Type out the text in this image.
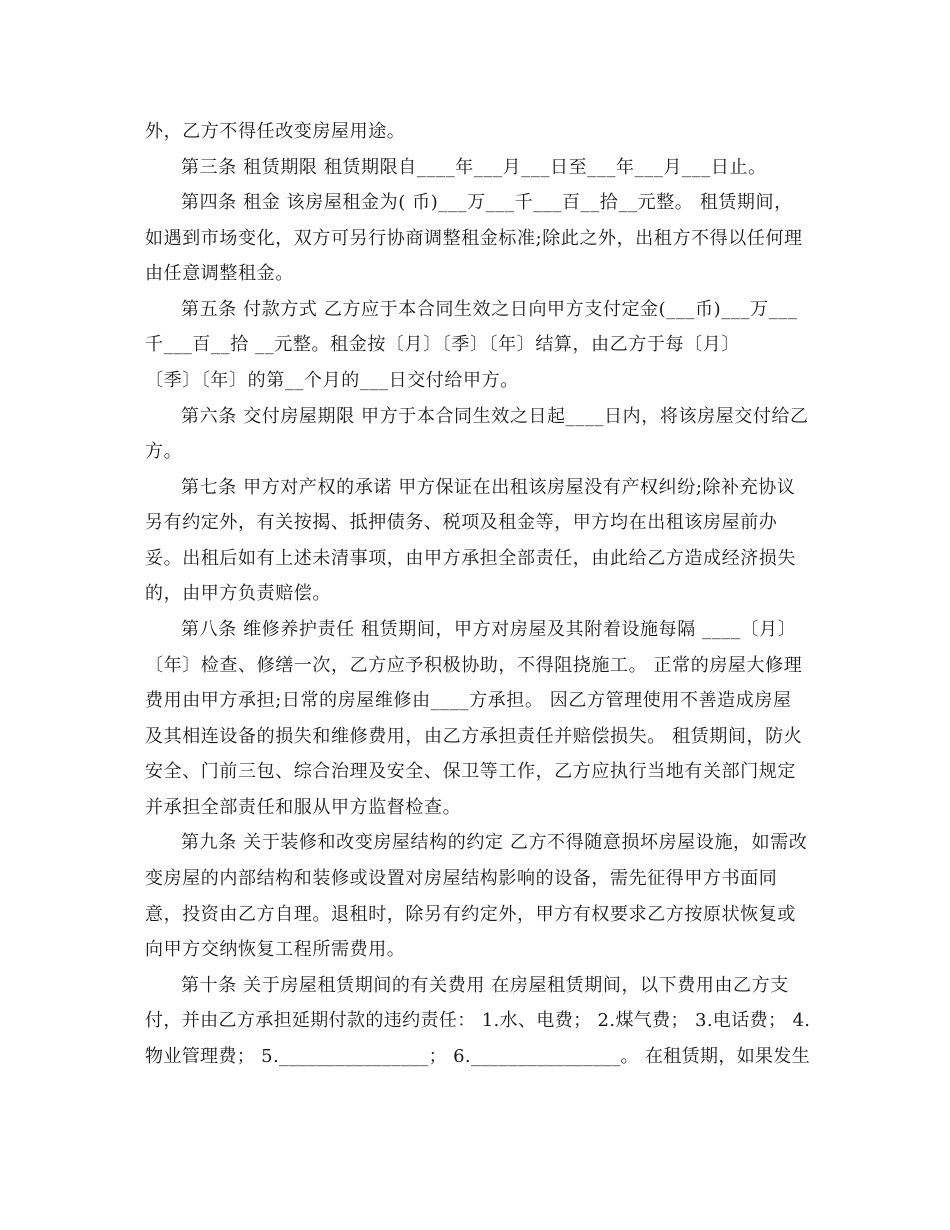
外，乙方不得任改变房屋用途。
第三条 租赁期限 租赁期限自____年___月___日至___年___月___日止。
第四条 租金 该房屋租金为( 币)___万___千___百__拾__元整。 租赁期间，
如遇到市场变化，双方可另行协商调整租金标准;除此之外，出租方不得以任何理
由任意调整租金。
第五条 付款方式 乙方应于本合同生效之日向甲方支付定金(___币)___万___
千___百__拾 __元整。租金按〔月〕〔季〕〔年〕结算，由乙方于每〔月〕
〔季〕〔年〕的第__个月的___日交付给甲方。
第六条 交付房屋期限 甲方于本合同生效之日起____日内，将该房屋交付给乙
方。
第七条 甲方对产权的承诺 甲方保证在出租该房屋没有产权纠纷;除补充协议
另有约定外，有关按揭、抵押债务、税项及租金等，甲方均在出租该房屋前办
妥。出租后如有上述未清事项，由甲方承担全部责任，由此给乙方造成经济损失
的，由甲方负责赔偿。
第八条 维修养护责任 租赁期间，甲方对房屋及其附着设施每隔 ____〔月〕
〔年〕检查、修缮一次，乙方应予积极协助，不得阻挠施工。 正常的房屋大修理
费用由甲方承担;日常的房屋维修由____方承担。 因乙方管理使用不善造成房屋
及其相连设备的损失和维修费用，由乙方承担责任并赔偿损失。 租赁期间，防火
安全、门前三包、综合治理及安全、保卫等工作，乙方应执行当地有关部门规定
并承担全部责任和服从甲方监督检查。
第九条 关于装修和改变房屋结构的约定 乙方不得随意损坏房屋设施，如需改
变房屋的内部结构和装修或设置对房屋结构影响的设备，需先征得甲方书面同
意，投资由乙方自理。退租时，除另有约定外，甲方有权要求乙方按原状恢复或
向甲方交纳恢复工程所需费用。
第十条 关于房屋租赁期间的有关费用 在房屋租赁期间，以下费用由乙方支
付，并由乙方承担延期付款的违约责任： 1.水、电费； 2.煤气费； 3.电话费； 4.
物业管理费； 5.________________； 6.________________。 在租赁期，如果发生
